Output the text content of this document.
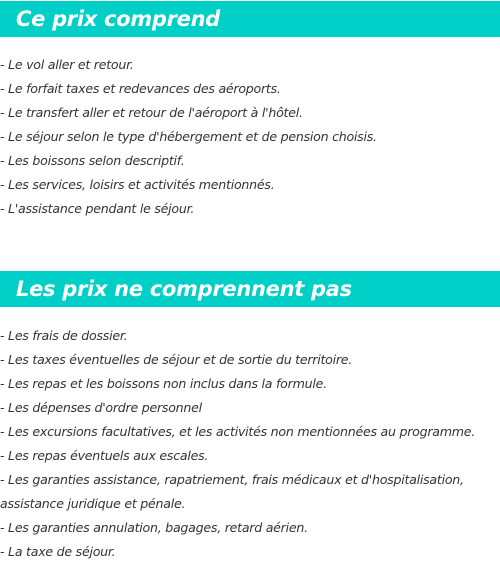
Ce prix comprend
- Le vol aller et retour.
- Le forfait taxes et redevances des aéroports.
- Le transfert aller et retour de l'aéroport à l'hôtel.
- Le séjour selon le type d'hébergement et de pension choisis.
- Les boissons selon descriptif.
- Les services, loisirs et activités mentionnés.
- L'assistance pendant le séjour.
Les prix ne comprennent pas
- Les frais de dossier.
- Les taxes éventuelles de séjour et de sortie du territoire.
- Les repas et les boissons non inclus dans la formule.
- Les dépenses d'ordre personnel
- Les excursions facultatives, et les activités non mentionnées au programme.
- Les repas éventuels aux escales.
- Les garanties assistance, rapatriement, frais médicaux et d'hospitalisation,
assistance juridique et pénale.
- Les garanties annulation, bagages, retard aérien.
- La taxe de séjour.
